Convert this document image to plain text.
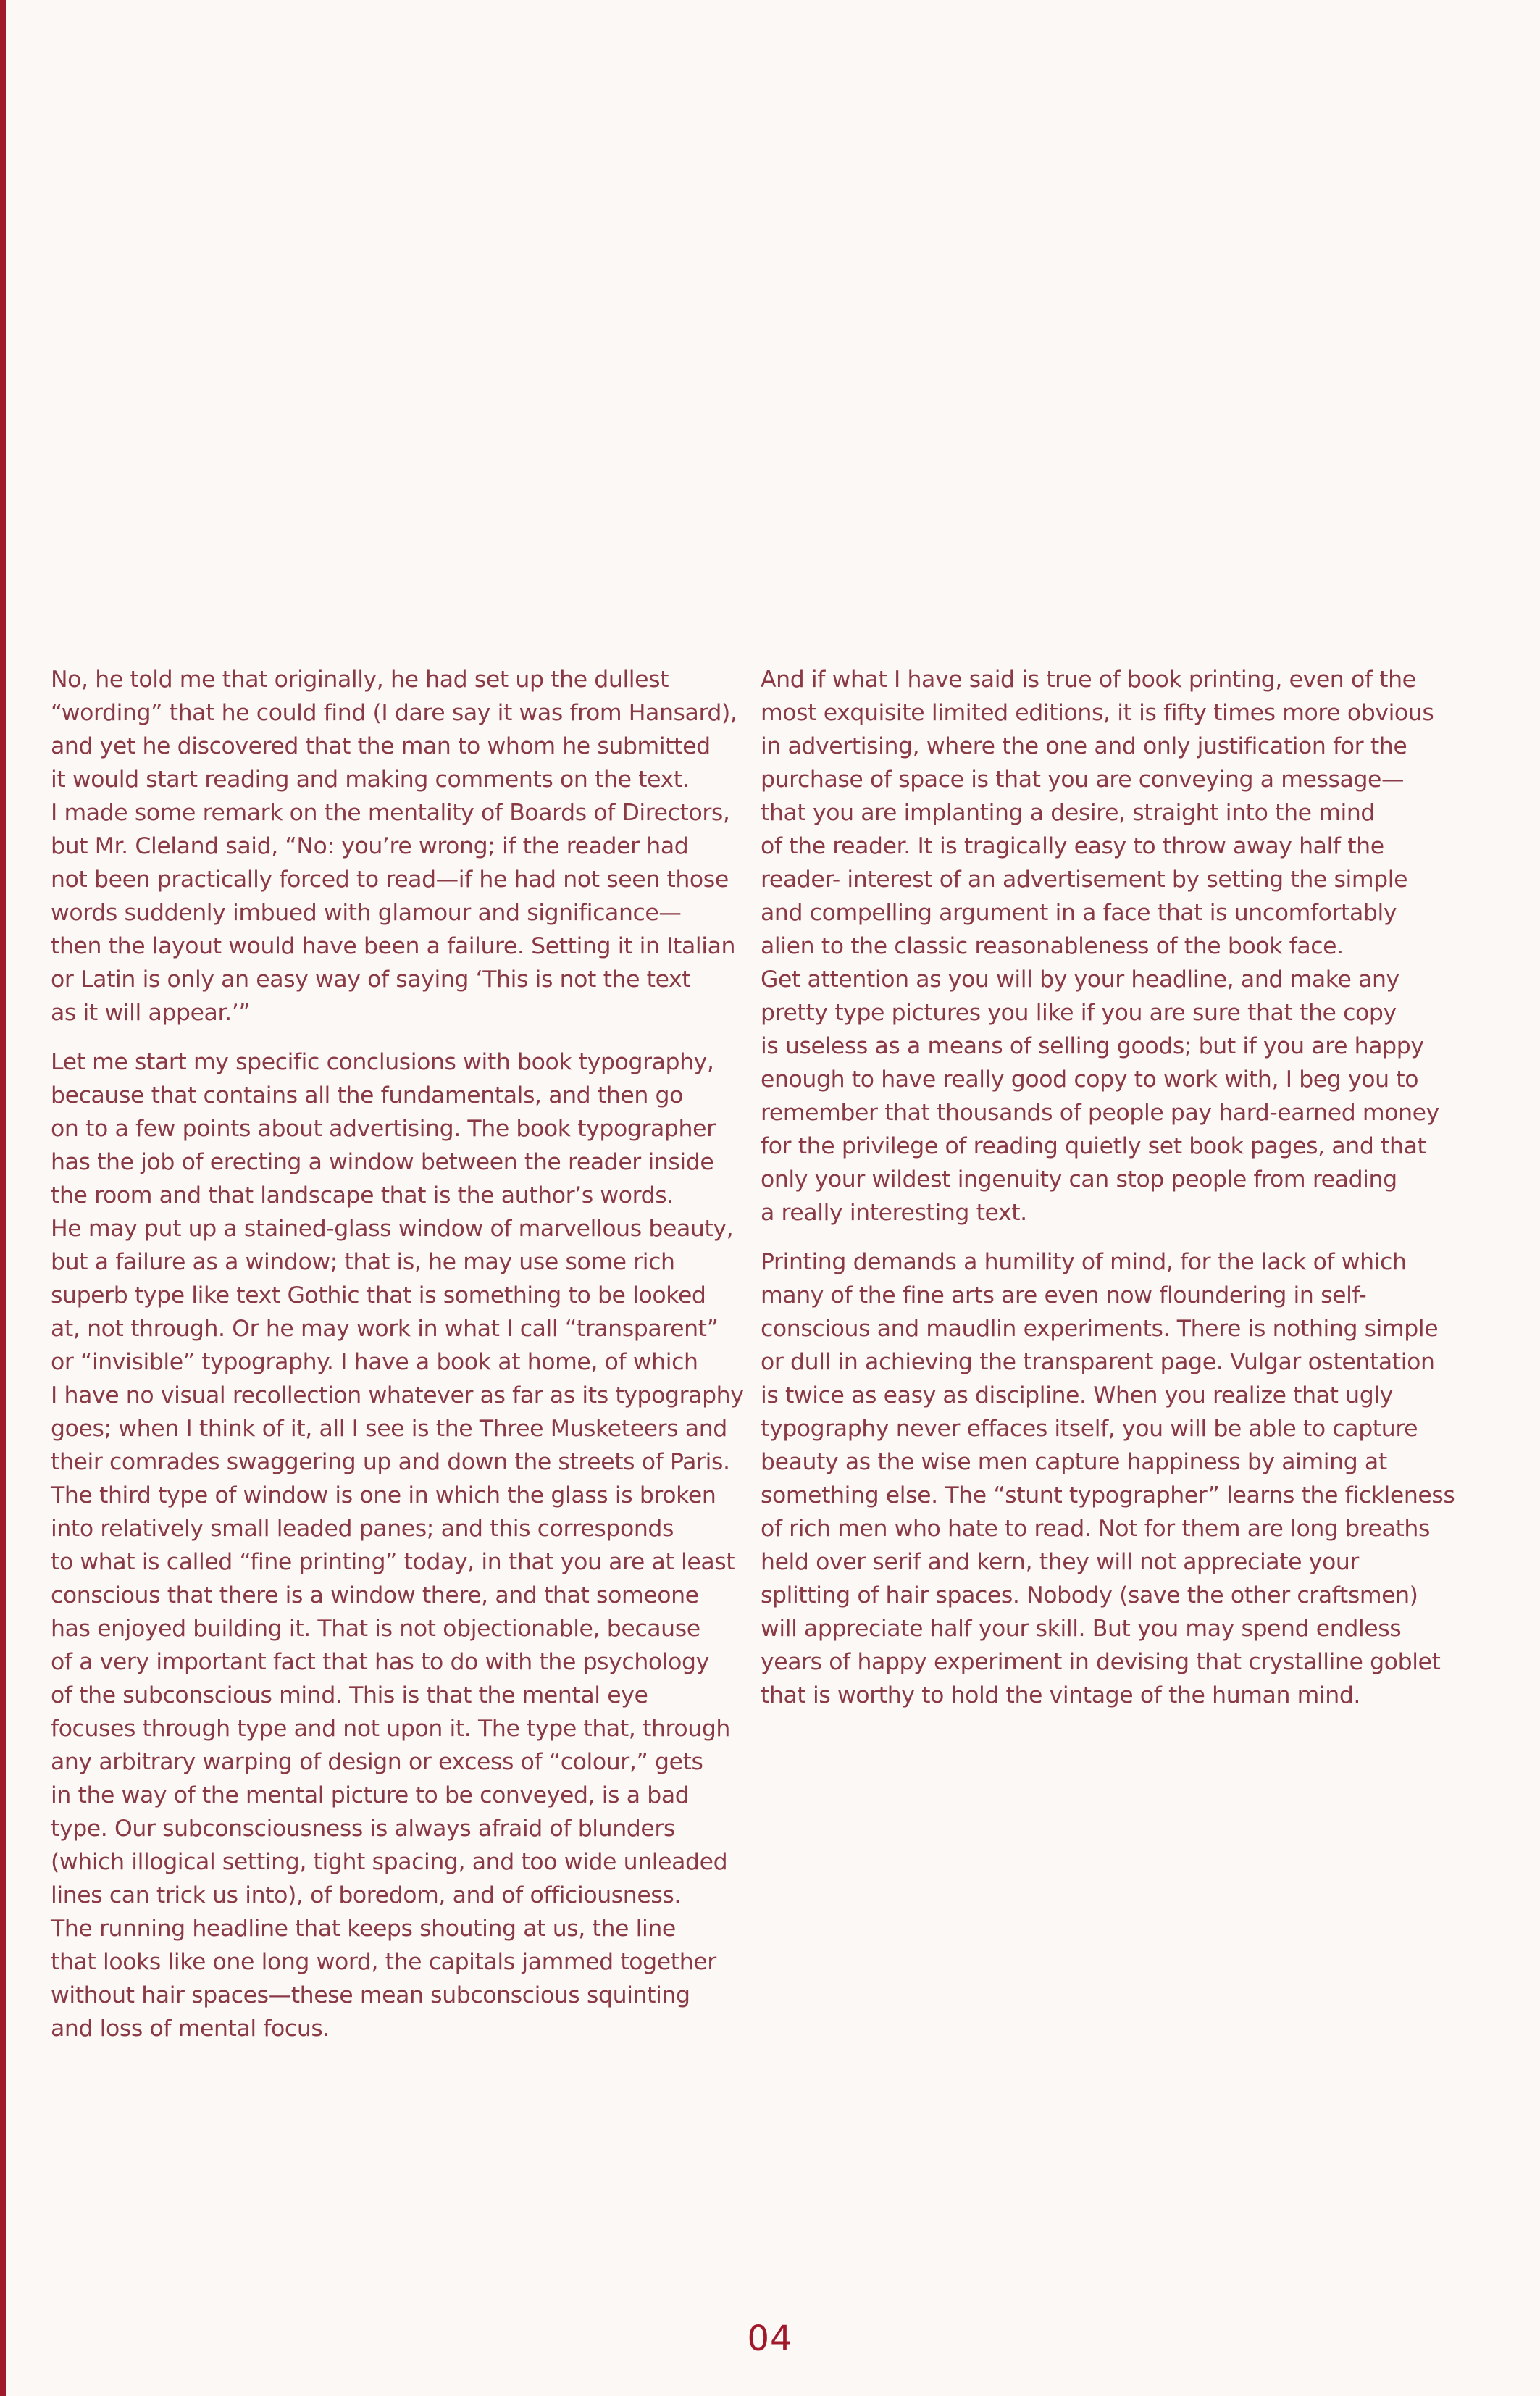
No, he told me that originally, he had set up the dullest
“wording” that he could find (I dare say it was from Hansard),
and yet he discovered that the man to whom he submitted
it would start reading and making comments on the text.
I made some remark on the mentality of Boards of Directors,
but Mr. Cleland said, “No: you’re wrong; if the reader had
not been practically forced to read—if he had not seen those
words suddenly imbued with glamour and significance—
then the layout would have been a failure. Setting it in Italian
or Latin is only an easy way of saying ‘This is not the text
as it will appear.’”
Let me start my specific conclusions with book typography,
because that contains all the fundamentals, and then go
on to a few points about advertising. The book typographer
has the job of erecting a window between the reader inside
the room and that landscape that is the author’s words.
He may put up a stained-glass window of marvellous beauty,
but a failure as a window; that is, he may use some rich
superb type like text Gothic that is something to be looked
at, not through. Or he may work in what I call “transparent”
or “invisible” typography. I have a book at home, of which
I have no visual recollection whatever as far as its typography
goes; when I think of it, all I see is the Three Musketeers and
their comrades swaggering up and down the streets of Paris.
The third type of window is one in which the glass is broken
into relatively small leaded panes; and this corresponds
to what is called “fine printing” today, in that you are at least
conscious that there is a window there, and that someone
has enjoyed building it. That is not objectionable, because
of a very important fact that has to do with the psychology
of the subconscious mind. This is that the mental eye
focuses through type and not upon it. The type that, through
any arbitrary warping of design or excess of “colour,” gets
in the way of the mental picture to be conveyed, is a bad
type. Our subconsciousness is always afraid of blunders
(which illogical setting, tight spacing, and too wide unleaded
lines can trick us into), of boredom, and of officiousness.
The running headline that keeps shouting at us, the line
that looks like one long word, the capitals jammed together
without hair spaces—these mean subconscious squinting
and loss of mental focus.
And if what I have said is true of book printing, even of the
most exquisite limited editions, it is fifty times more obvious
in advertising, where the one and only justification for the
purchase of space is that you are conveying a message—
that you are implanting a desire, straight into the mind
of the reader. It is tragically easy to throw away half the
reader- interest of an advertisement by setting the simple
and compelling argument in a face that is uncomfortably
alien to the classic reasonableness of the book face.
Get attention as you will by your headline, and make any
pretty type pictures you like if you are sure that the copy
is useless as a means of selling goods; but if you are happy
enough to have really good copy to work with, I beg you to
remember that thousands of people pay hard-earned money
for the privilege of reading quietly set book pages, and that
only your wildest ingenuity can stop people from reading
a really interesting text.
Printing demands a humility of mind, for the lack of which
many of the fine arts are even now floundering in self-
conscious and maudlin experiments. There is nothing simple
or dull in achieving the transparent page. Vulgar ostentation
is twice as easy as discipline. When you realize that ugly
typography never effaces itself, you will be able to capture
beauty as the wise men capture happiness by aiming at
something else. The “stunt typographer” learns the fickleness
of rich men who hate to read. Not for them are long breaths
held over serif and kern, they will not appreciate your
splitting of hair spaces. Nobody (save the other craftsmen)
will appreciate half your skill. But you may spend endless
years of happy experiment in devising that crystalline goblet
that is worthy to hold the vintage of the human mind.
04
